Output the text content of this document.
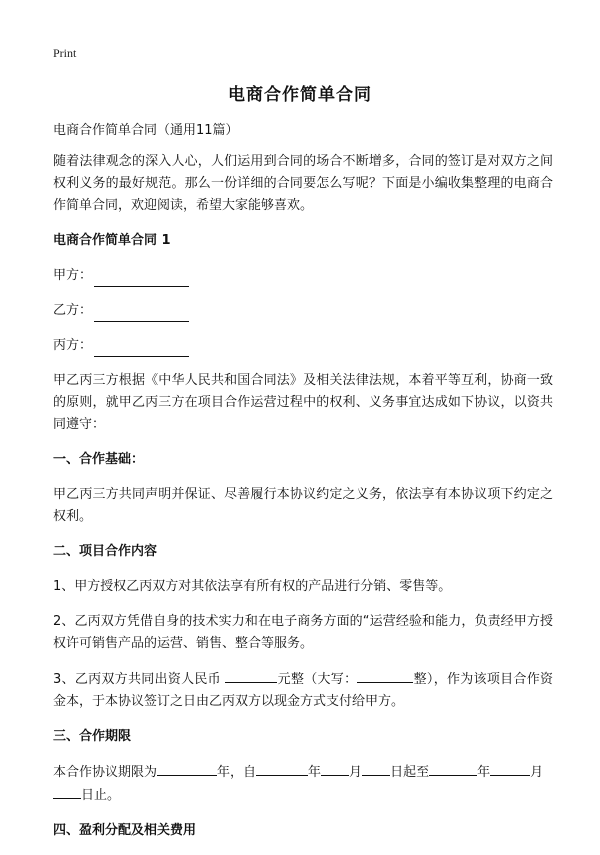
Print
电商合作简单合同

电商合作简单合同（通用11篇）

随着法律观念的深入人心，人们运用到合同的场合不断增多，合同的签订是对双方之间权利义务的最好规范。那么一份详细的合同要怎么写呢？下面是小编收集整理的电商合作简单合同，欢迎阅读，希望大家能够喜欢。

电商合作简单合同 1

甲方：
乙方：
丙方：

甲乙丙三方根据《中华人民共和国合同法》及相关法律法规，本着平等互利，协商一致的原则，就甲乙丙三方在项目合作运营过程中的权利、义务事宜达成如下协议，以资共同遵守：

一、合作基础：

甲乙丙三方共同声明并保证、尽善履行本协议约定之义务，依法享有本协议项下约定之权利。

二、项目合作内容

1、甲方授权乙丙双方对其依法享有所有权的产品进行分销、零售等。

2、乙丙双方凭借自身的技术实力和在电子商务方面的“运营经验和能力，负责经甲方授权许可销售产品的运营、销售、整合等服务。

3、乙丙双方共同出资人民币	元整（大写：	整），作为该项目合作资金本，于本协议签订之日由乙丙双方以现金方式支付给甲方。

三、合作期限

本合作协议期限为	年，自	年 月 日起至	年	月
日止。

四、盈利分配及相关费用
